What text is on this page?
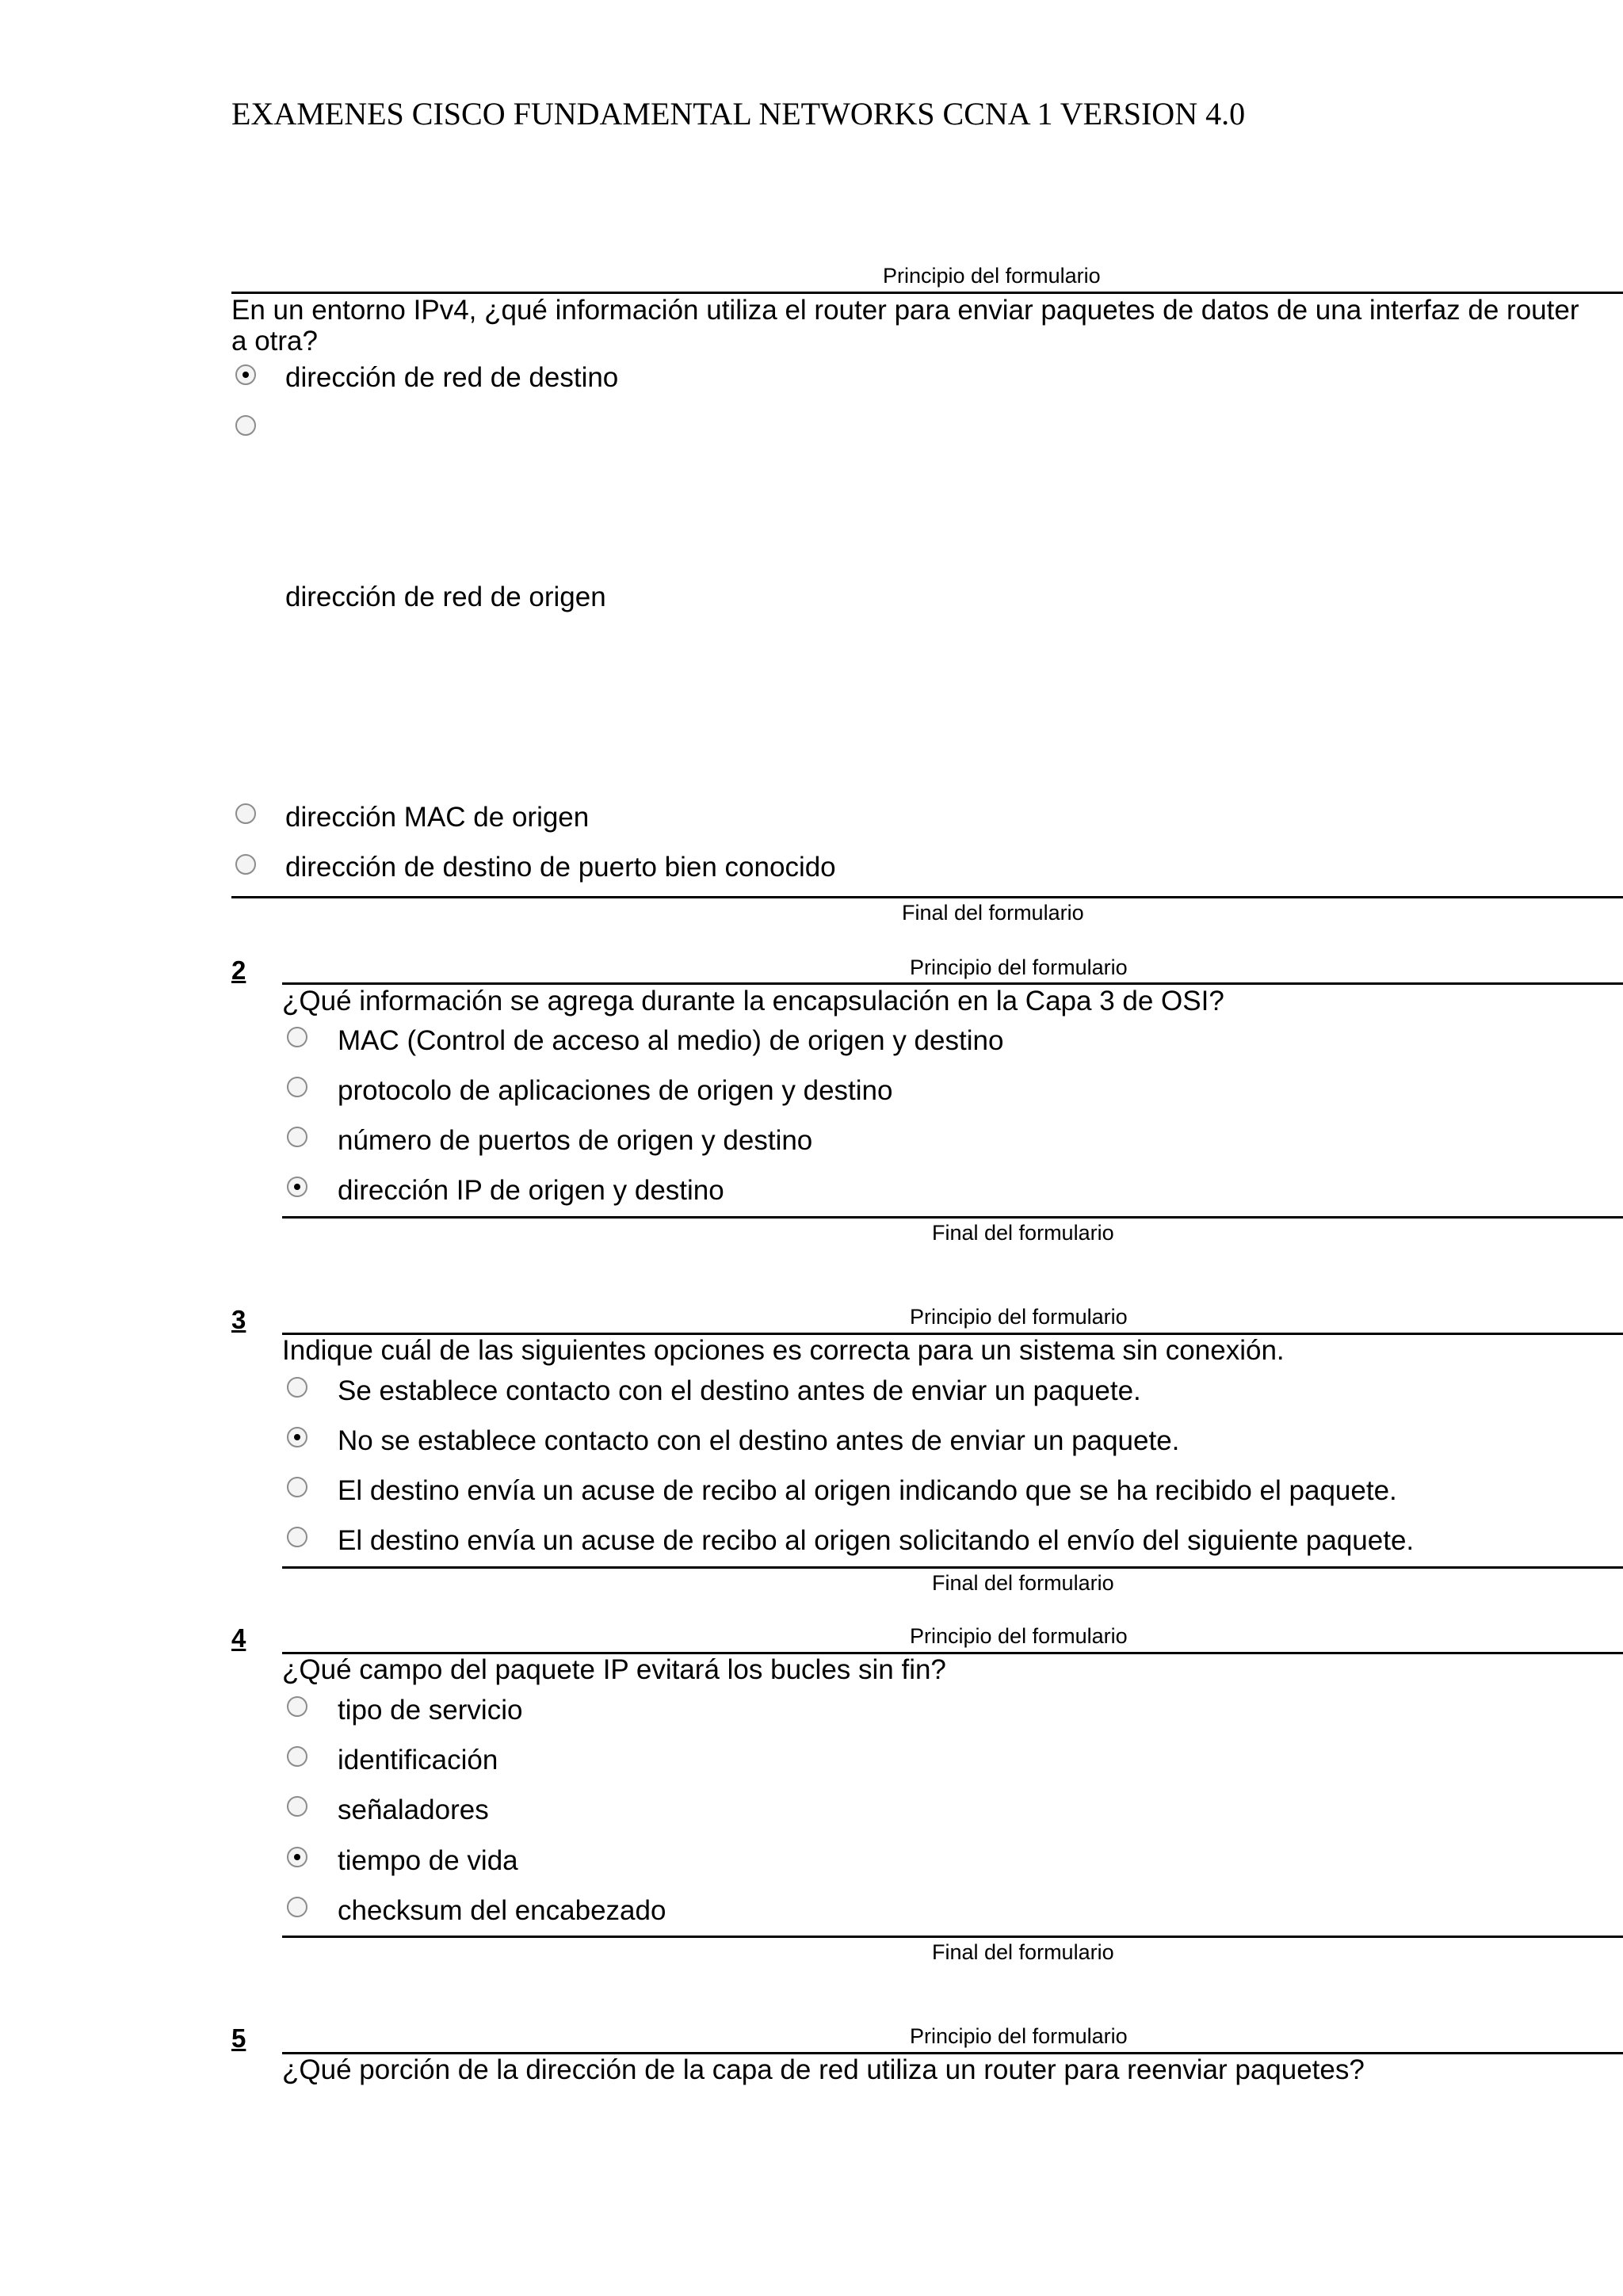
EXAMENES CISCO FUNDAMENTAL NETWORKS CCNA 1 VERSION 4.0
Principio del formulario
En un entorno IPv4, ¿qué información utiliza el router para enviar paquetes de datos de una interfaz de router a otra?
dirección de red de destino
dirección de red de origen
dirección MAC de origen
dirección de destino de puerto bien conocido
Final del formulario
2	Principio del formulario
¿Qué información se agrega durante la encapsulación en la Capa 3 de OSI?
MAC (Control de acceso al medio) de origen y destino
protocolo de aplicaciones de origen y destino
número de puertos de origen y destino
dirección IP de origen y destino
Final del formulario
3	Principio del formulario
Indique cuál de las siguientes opciones es correcta para un sistema sin conexión.
Se establece contacto con el destino antes de enviar un paquete.
No se establece contacto con el destino antes de enviar un paquete.
El destino envía un acuse de recibo al origen indicando que se ha recibido el paquete.
El destino envía un acuse de recibo al origen solicitando el envío del siguiente paquete.
Final del formulario
4	Principio del formulario
¿Qué campo del paquete IP evitará los bucles sin fin?
tipo de servicio
identificación
señaladores
tiempo de vida
checksum del encabezado
Final del formulario
5	Principio del formulario
¿Qué porción de la dirección de la capa de red utiliza un router para reenviar paquetes?
